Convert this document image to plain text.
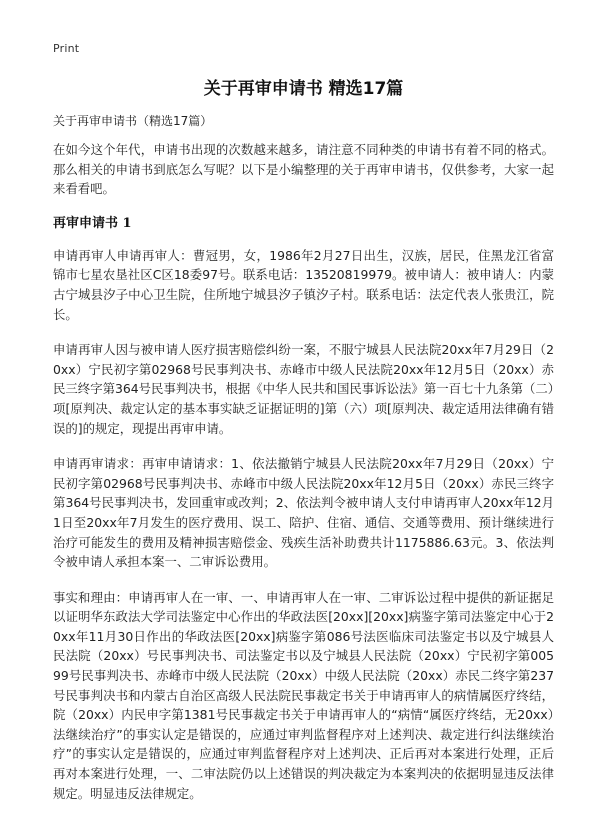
Print
关于再审申请书 精选17篇

关于再审申请书（精选17篇）

在如今这个年代，申请书出现的次数越来越多，请注意不同种类的申请书有着不同的格式。那么相关的申请书到底怎么写呢？以下是小编整理的关于再审申请书，仅供参考，大家一起来看看吧。

再审申请书 1

申请再审人申请再审人：曹冠男，女，1986年2月27日出生，汉族，居民，住黑龙江省富锦市七星农垦社区C区18委97号。联系电话：13520819979。被申请人：被申请人：内蒙古宁城县汐子中心卫生院，住所地宁城县汐子镇汐子村。联系电话：法定代表人张贵江，院长。

申请再审人因与被申请人医疗损害赔偿纠纷一案，不服宁城县人民法院20xx年7月29日（20xx）宁民初字第02968号民事判决书、赤峰市中级人民法院20xx年12月5日（20xx）赤民三终字第364号民事判决书，根据《中华人民共和国民事诉讼法》第一百七十九条第（二）项[原判决、裁定认定的基本事实缺乏证据证明的]第（六）项[原判决、裁定适用法律确有错误的]的规定，现提出再审申请。

申请再审请求：再审申请请求：1、依法撤销宁城县人民法院20xx年7月29日（20xx）宁民初字第02968号民事判决书、赤峰市中级人民法院20xx年12月5日（20xx）赤民三终字第364号民事判决书，发回重审或改判；2、依法判令被申请人支付申请再审人20xx年12月1日至20xx年7月发生的医疗费用、误工、陪护、住宿、通信、交通等费用、预计继续进行治疗可能发生的费用及精神损害赔偿金、残疾生活补助费共计1175886.63元。3、依法判令被申请人承担本案一、二审诉讼费用。

事实和理由：申请再审人在一审、一、申请再审人在一审、二审诉讼过程中提供的新证据足以证明华东政法大学司法鉴定中心作出的华政法医[20xx][20xx]病鉴字第司法鉴定中心于20xx年11月30日作出的华政法医[20xx]病鉴字第086号法医临床司法鉴定书以及宁城县人民法院（20xx）号民事判决书、司法鉴定书以及宁城县人民法院（20xx）宁民初字第00599号民事判决书、赤峰市中级人民法院（20xx）中级人民法院（20xx）赤民二终字第237号民事判决书和内蒙古自治区高级人民法院民事裁定书关于申请再审人的病情属医疗终结，院（20xx）内民申字第1381号民事裁定书关于申请再审人的“病情“属医疗终结，无20xx）法继续治疗”的事实认定是错误的，应通过审判监督程序对上述判决、裁定进行纠法继续治疗”的事实认定是错误的，应通过审判监督程序对上述判决、正后再对本案进行处理，正后再对本案进行处理，一、二审法院仍以上述错误的判决裁定为本案判决的依据明显违反法律规定。明显违反法律规定。
